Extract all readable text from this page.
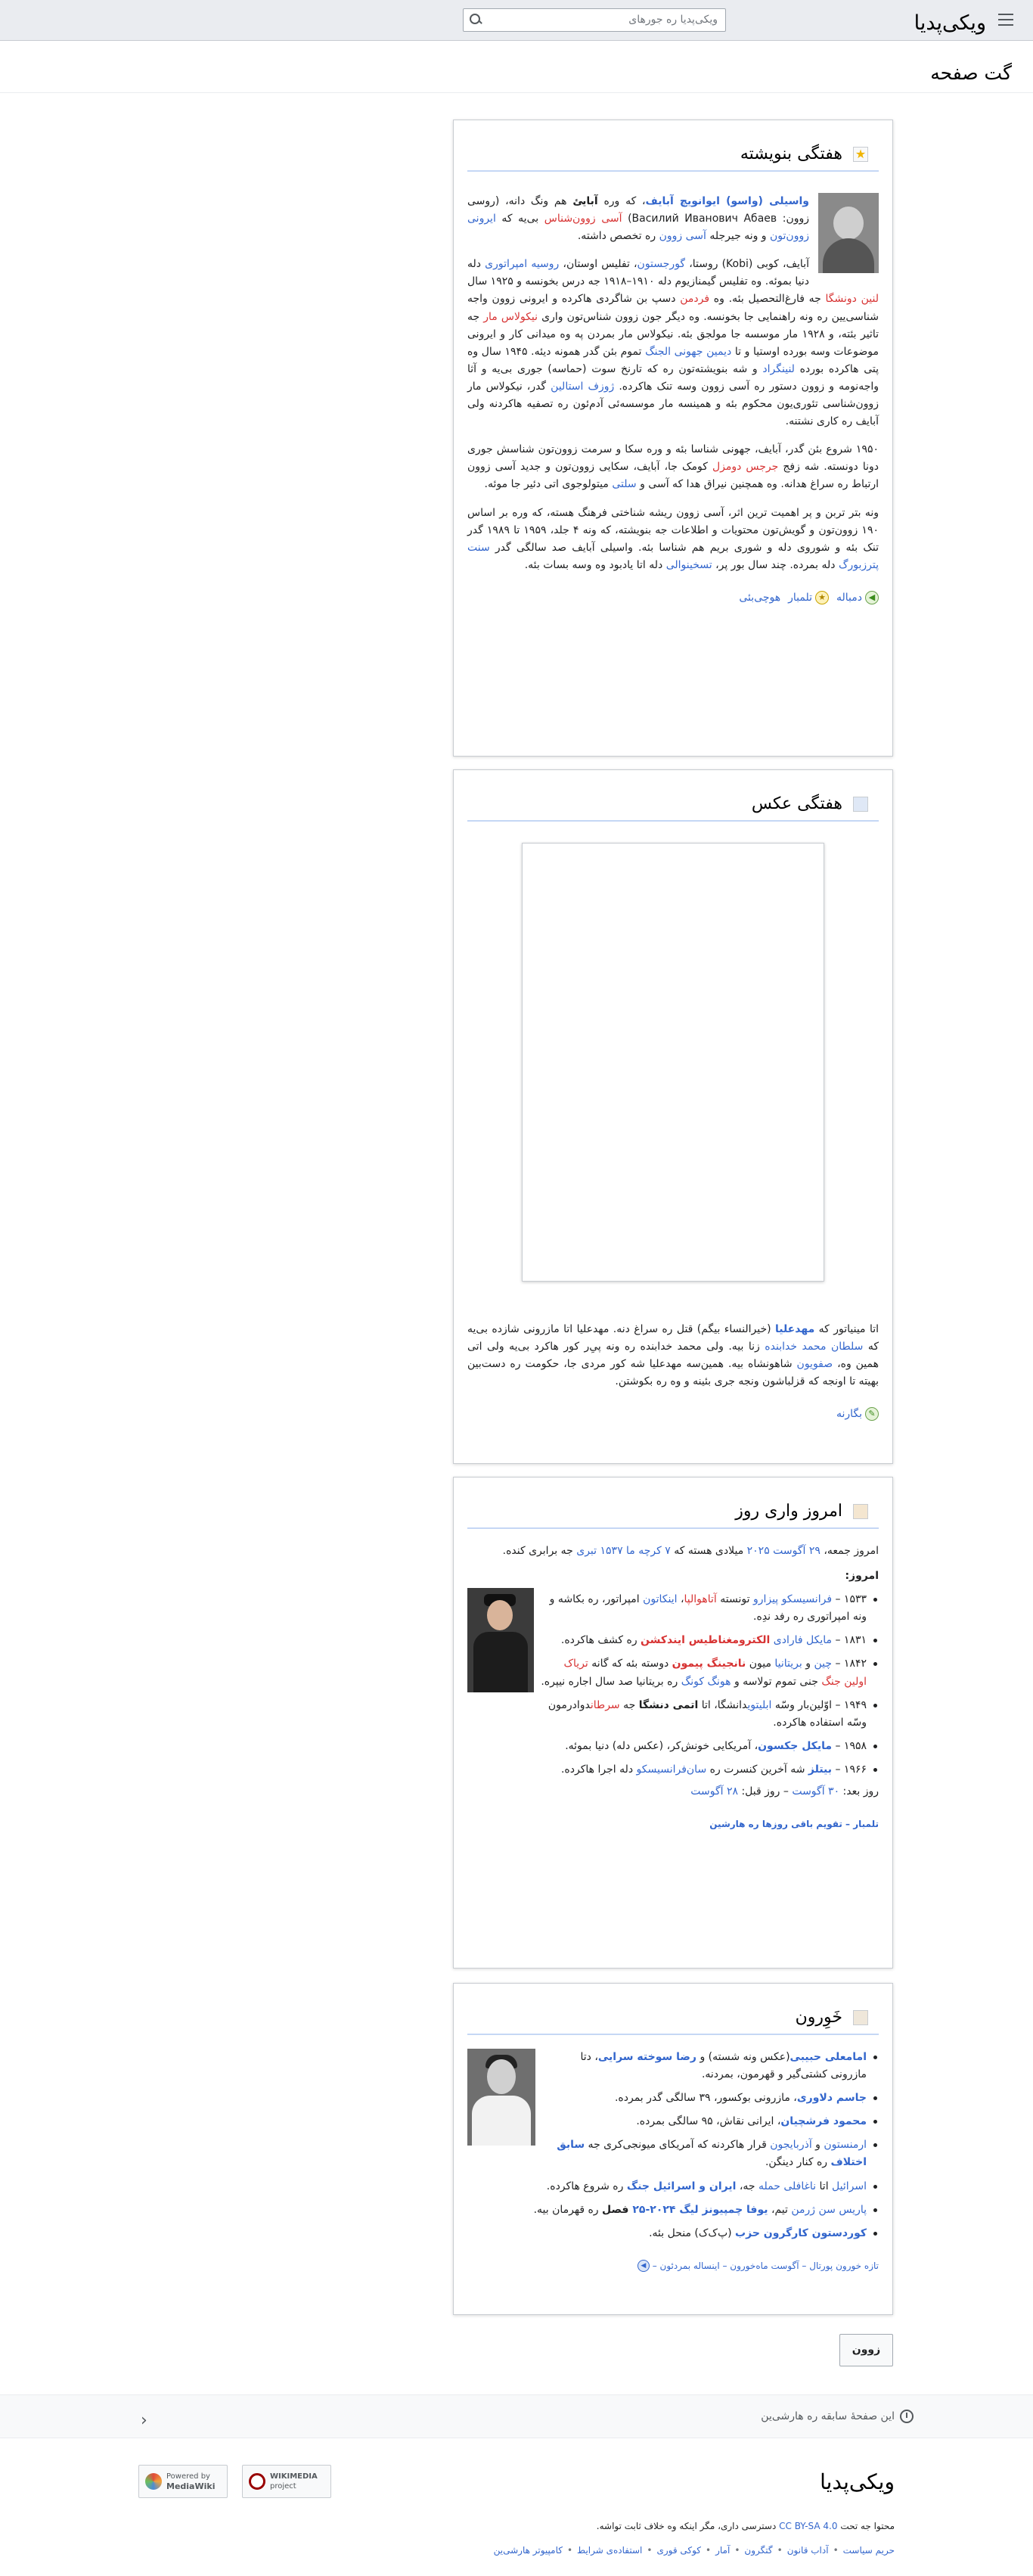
ویکی‌پدیا
ویکی‌پدیا ره جورهای
گت صفحه
★
هفتگی بنویشته
واسیلی (واسو) ایوانویچ آبایف، که وره آبایئ هم ونگ دانه، (روسی زوون: Василий Иванович Абаев) آسی زوون‌شناس بی‌یه که ایرونی زوون‌تون و ونه جیرجله آسی زوون ره تخصص داشته.
آبایف، کوبی (Kobi) روستا، گورجستون، تفلیس اوستان، روسیه امپراتوری دله دنیا بموئه. وه تفلیس گیمنازیوم دله ۱۹۱۰–۱۹۱۸ جه درس بخونسه و ۱۹۲۵ سال لنین دونشگا جه فارغ‌التحصیل بئه. وه فردمن دسپ بن شاگردی هاکرده و ایرونی زوون واجه شناسی‌یین ره ونه راهنمایی جا بخونسه. وه دیگر جون زوون شناس‌تون واری نیکولاس مار جه تاثیر بئته، و ۱۹۲۸ مار موسسه جا مولجق بئه. نیکولاس مار بمردن په وه میدانی کار و ایرونی موضوعات وسه بورده اوستیا و تا دیمین جهونی الجنگ تموم بئن گدر همونه دیئه. ۱۹۴۵ سال وه پتی هاکرده بورده لنینگراد و شه بنویشته‌تون ره که تارنخ سوت (حماسه) جوری بی‌یه و آثا واجه‌نومه و زوون دستور ره آسی زوون وسه تنک هاکرده. ژوزف استالین گدر، نیکولاس مار زوون‌شناسی تئوری‌یون محکوم بئه و همینسه مار موسسه‌ئی آدم‌ئون ره تصفیه هاکردنه ولی آبایف ره کاری نشتنه.
۱۹۵۰ شروع بئن گدر، آبایف، جهونی شناسا بئه و وره سکا و سرمت زوون‌تون شناسش جوری دونا دونسته. شه زفج جرجس دومزل کومک جا، آبایف، سکایی زوون‌تون و جدید آسی زوون ارتباط ره سراغ هدانه. وه همچنین نیراق هدا که آسی و سلتی میتولوجوی اتی دئیر جا موئه.
ونه بتر تربن و پر اهمیت ترین اثر، آسی زوون ریشه شناختی فرهنگ هسته، که وره بر اساس ۱۹۰ زوون‌تون و گویش‌تون محتویات و اطلاعات جه بنویشته، که ونه ۴ جلد، ۱۹۵۹ تا ۱۹۸۹ گدر تنک بئه و شوروی دله و شوری بریم هم شناسا بئه. واسیلی آبایف صد سالگی گدر سنت پترزبورگ دله بمرده. چند سال بور پر، تسخینوالی دله اتا یادبود وه وسه بسات بئه.
◀دمباله
★تلمبار
هوچی‌بئی
هفتگی عکس
اتا مینیاتور که مهدعلیا (خیرالنساء بیگم) قتل ره سراغ دنه. مهدعلیا اتا مازرونی شازده بی‌یه که سلطان محمد خدابنده زنا بیه. ولی محمد خدابنده ره ونه پی‌ِر کور هاکرد بی‌یه ولی اتی همین وه، صفویون شاهونشاه بیه. همین‌سه مهدعلیا شه کور مردی جا، حکومت ره دست‌بین بهیته تا اونجه که قزلباشون ونجه جری بئینه و وه ره بکوشتن.
✎بگارنه
امروز واری روز
امروز جمعه، ۲۹ آگوست ۲۰۲۵ میلادی هسته که ۷ کرچه ما ۱۵۳۷ تبری جه برابری کنده.
امروز:
۱۵۳۳ – فرانسیسکو پیزارو تونسته آتاهوالپا، اینکاتون امپراتور، ره بکاشه و ونه امپراتوری ره رفد ندِه.
۱۸۳۱ – مایکل فارادی الکترومغناطیس ایندکشن ره کشف هاکرده.
۱۸۴۲ – چین و بریتانیا میون نانجینگ پیمون دوسته بئه که گانه تریاک اولین جنگ جنی تموم تولاسه و هونگ کونگ ره بریتانیا صد سال اجاره نیپره.
۱۹۴۹ – اوّلین‌بار وسّه ابلیتویدانشگا، اتا اتمی دنشگا جه سرطاندوا‌درمون وسّه استفاده هاکرده.
۱۹۵۸ – مایکل جکسون، آمریکایی خونش‌کر، (عکس دله) دنیا بموئه.
۱۹۶۶ – بیتلز شه آخرین کنسرت ره سان‌فرانسیسکو دله اجرا هاکرده.
روز بعد: ۳۰ آگوست – روز قبل: ۲۸ آگوست
تلمبار – تقویم باقی روزها ره هارشین
خَوِرون
امامعلی حبیبی(عکس ونه شسته) و رضا سوخته سرایی، دتا مازرونی کشتی‌گیر و قهرمون، بمردنه.
جاسم دلاوری، مازرونی بوکسور، ۳۹ سالگی گدر بمرده.
محمود فرشچیان، ایرانی نقاش، ۹۵ سالگی بمرده.
ارمنستون و آذربایجون قرار هاکردنه که آمریکای میونجی‌کری جه سابق اختلاف ره کنار دینگن.
اسرائیل اتا ناغافلی حمله جه، ایران و اسرائیل جنگ ره شروع هاکرده.
پاریس سن ژرمن تیم، یوفا چمپیونز لیگ ۲۰۲۴-۲۵ فصل ره قهرمان بیه.
کوردستون کارگرون حزب (پ‌ک‌ک) منحل بئه.
تازه خورون پورتال – آگوست ماه‌خورون – اینساله بمردئون – ◀
زوون
این صفحهٔ سابقه ره هارشی‌ین
‹
ویکی‌پدیا
Powered by
MediaWiki
WIKIMEDIA
project
محتوا جه تحت CC BY-SA 4.0 دسترسی داری، مگر اینکه وه خلاف ثابت تواشه.
حریم سیاست
•
آداب قانون
•
گتگرون
•
آمار
•
کوکی قوری
•
استفاده‌ی شرایط
•
کامپیوتر هارشی‌ین
